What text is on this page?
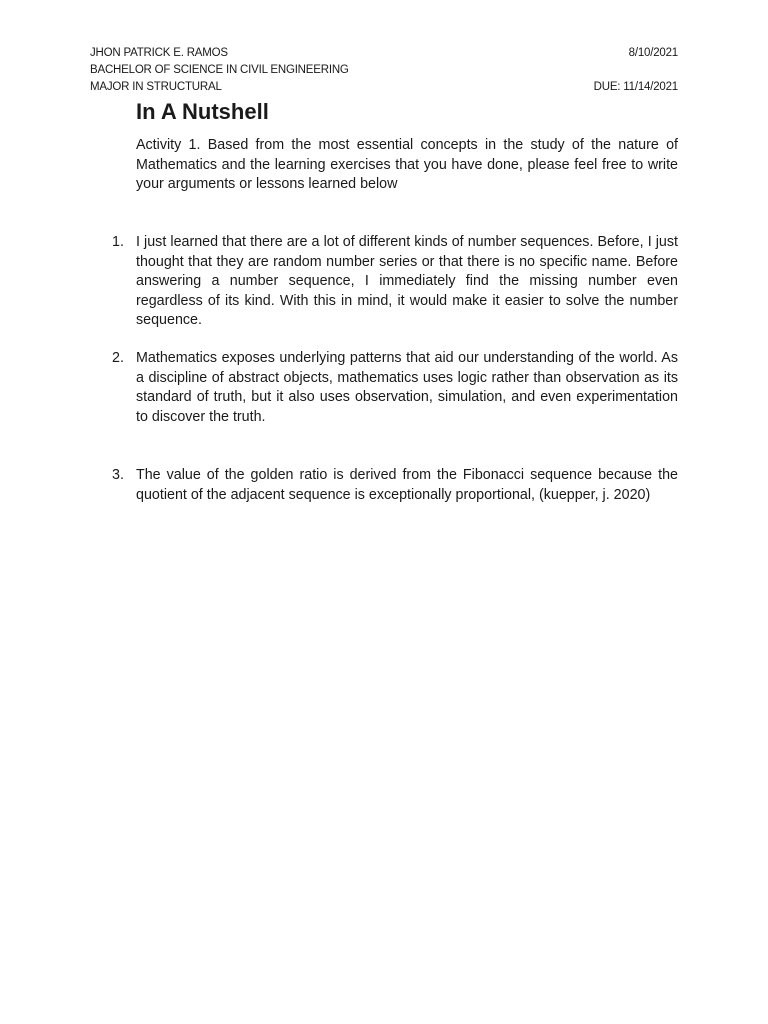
JHON PATRICK E. RAMOS	8/10/2021
BACHELOR OF SCIENCE IN CIVIL ENGINEERING
MAJOR IN STRUCTURAL	DUE: 11/14/2021
In A Nutshell

Activity 1. Based from the most essential concepts in the study of the nature of Mathematics and the learning exercises that you have done, please feel free to write your arguments or lessons learned below

1. I just learned that there are a lot of different kinds of number sequences. Before, I just thought that they are random number series or that there is no specific name. Before answering a number sequence, I immediately find the missing number even regardless of its kind. With this in mind, it would make it easier to solve the number sequence.
2. Mathematics exposes underlying patterns that aid our understanding of the world. As a discipline of abstract objects, mathematics uses logic rather than observation as its standard of truth, but it also uses observation, simulation, and even experimentation to discover the truth.
3. The value of the golden ratio is derived from the Fibonacci sequence because the quotient of the adjacent sequence is exceptionally proportional, (kuepper, j. 2020)
